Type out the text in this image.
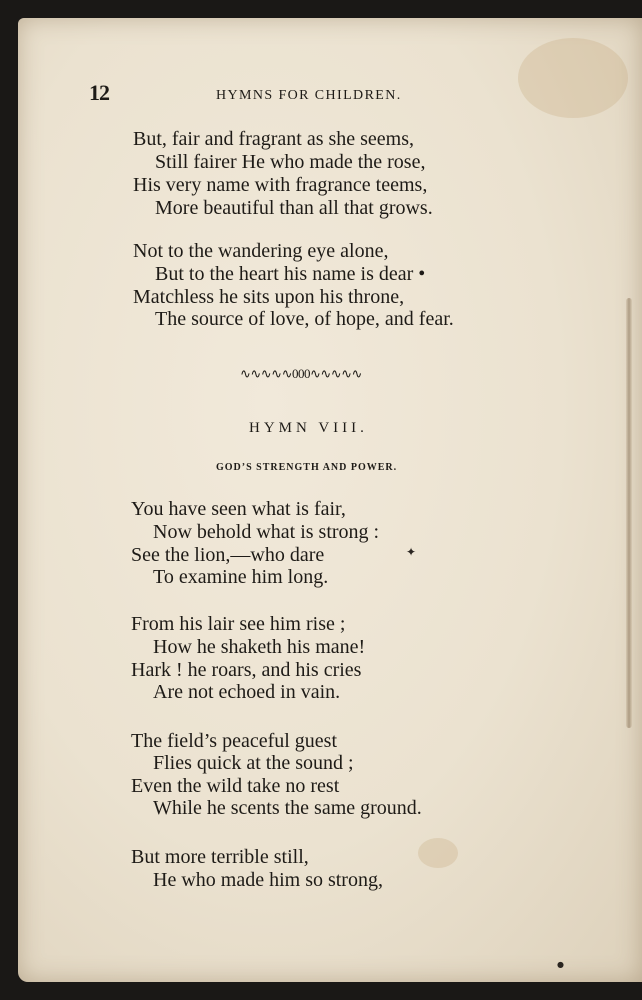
12	HYMNS FOR CHILDREN.
But, fair and fragrant as she seems,
Still fairer He who made the rose,
His very name with fragrance teems,
More beautiful than all that grows.
Not to the wandering eye alone,
But to the heart his name is dear •
Matchless he sits upon his throne,
The source of love, of hope, and fear.
∿∿∿∿∿000∿∿∿∿∿
HYMN VIII.
GOD’S STRENGTH AND POWER.
You have seen what is fair,
Now behold what is strong :
See the lion,—who dare
To examine him long.
From his lair see him rise ;
How he shaketh his mane!
Hark ! he roars, and his cries
Are not echoed in vain.
The field’s peaceful guest
Flies quick at the sound ;
Even the wild take no rest
While he scents the same ground.
But more terrible still,
He who made him so strong,
✦
●
